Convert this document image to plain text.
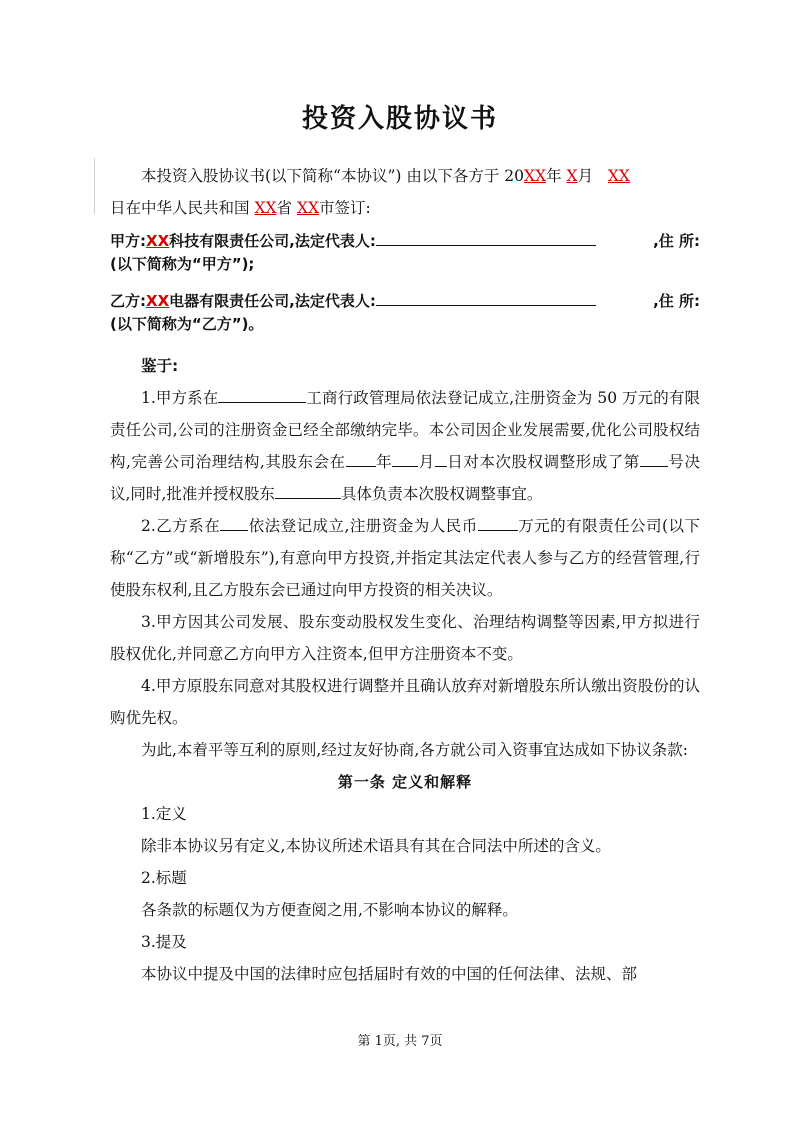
投资入股协议书

本投资入股协议书(以下简称“本协议”) 由以下各方于 20XX年 X月   XX
日在中华人民共和国 XX省 XX市签订:

甲方:XX科技有限责任公司,法定代表人:	,住 所:
(以下简称为“甲方”);
乙方:XX电器有限责任公司,法定代表人:	,住 所:
(以下简称为“乙方”)。

鉴于:

1.甲方系在	工商行政管理局依法登记成立,注册资金为 50 万元的有限责任公司,公司的注册资金已经全部缴纳完毕。本公司因企业发展需要,优化公司股权结构,完善公司治理结构,其股东会在 年 月 日对本次股权调整形成了第 号决议,同时,批准并授权股东	具体负责本次股权调整事宜。

2.乙方系在 依法登记成立,注册资金为人民币	万元的有限责任公司(以下称“乙方”或“新增股东”),有意向甲方投资,并指定其法定代表人参与乙方的经营管理,行使股东权利,且乙方股东会已通过向甲方投资的相关决议。

3.甲方因其公司发展、股东变动股权发生变化、治理结构调整等因素,甲方拟进行股权优化,并同意乙方向甲方入注资本,但甲方注册资本不变。

4.甲方原股东同意对其股权进行调整并且确认放弃对新增股东所认缴出资股份的认购优先权。

为此,本着平等互利的原则,经过友好协商,各方就公司入资事宜达成如下协议条款:

第一条 定义和解释

1.定义

除非本协议另有定义,本协议所述术语具有其在合同法中所述的含义。

2.标题

各条款的标题仅为方便查阅之用,不影响本协议的解释。

3.提及

本协议中提及中国的法律时应包括届时有效的中国的任何法律、法规、部

第 1页, 共 7页
